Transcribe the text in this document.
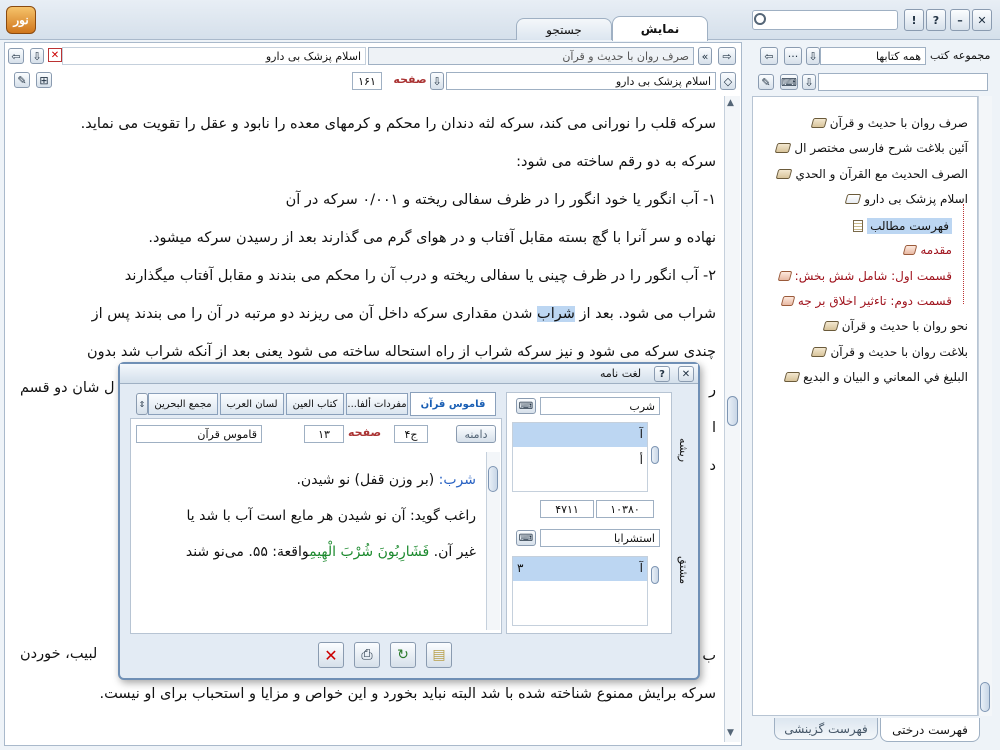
نور
جستجو	نمایش
!	?	–	✕
⇦	⇩	اسلام پزشک بی دارو
✕	صرف روان با حدیث و قرآن	«	⇨
✎	⊞	۱۶۱	صفحه ⇩	اسلام پزشک بی دارو	◇
سرکه قلب را نورانی می کند، سرکه لثه دندان را محکم و کرمهای معده را نابود و عقل را تقویت می نماید.
سرکه به دو رقم ساخته می شود:
۱- آب انگور یا خود انگور را در ظرف سفالی ریخته و ۰/۰۰۱ سرکه در آن
نهاده و سر آنرا با گچ بسته مقابل آفتاب و در هوای گرم می گذارند بعد از رسیدن سرکه میشود.
۲- آب انگور را در ظرف چینی یا سفالی ریخته و درب آن را محکم می بندند و مقابل آفتاب میگذارند
شراب می شود. بعد از شراب شدن مقداری سرکه داخل آن می ریزند دو مرتبه در آن را می بندند پس از
چندی سرکه می شود و نیز سرکه شراب از راه استحاله ساخته می شود یعنی بعد از آنکه شراب شد بدون
ر
ا
د
ب
سرکه برایش ممنوع شناخته شده با شد البته نباید بخورد و این خواص و مزایا و استحباب برای او نیست.
ل شان دو قسم
لبیب، خوردن
▲
▼
مجموعه کتب
همه کتابها
⇩
···
⇦
✎ ⌨ ⇩
صرف روان با حدیث و قرآن
آئین بلاغت شرح فارسی مختصر ال
الصرف الحديث مع القرآن و الحدي
اسلام پزشک بی دارو
فهرست مطالب
مقدمه
قسمت اول: شامل شش بخش:
قسمت دوم: تاءثير اخلاق بر جه
نحو روان با حدیث و قرآن
بلاغت روان با حدیث و قرآن
البليغ في المعاني و البيان و البديع
فهرست درختی
فهرست گزینشی
✕
?
لغت نامه
ریشه
مشتق
⌨	شرب
آ
أ
۱۰۳۸۰
۴۷۱۱
⌨	استشرابا
آ
۳
⇕ مجمع البحرين	لسان العرب	کتاب العین	مفردات ألفا...	قاموس قرآن
دامنه
ج۴
صفحه
۱۳
قاموس قرآن
شرب: (بر وزن قفل) نو شیدن.
راغب گوید: آن نو شیدن هر مایع است آب با شد یا
غیر آن. فَشَارِبُونَ شُرْبَ الْهِيمِواقعة: ۵۵. می‌نو شند
✕	⎙	↻	▤
